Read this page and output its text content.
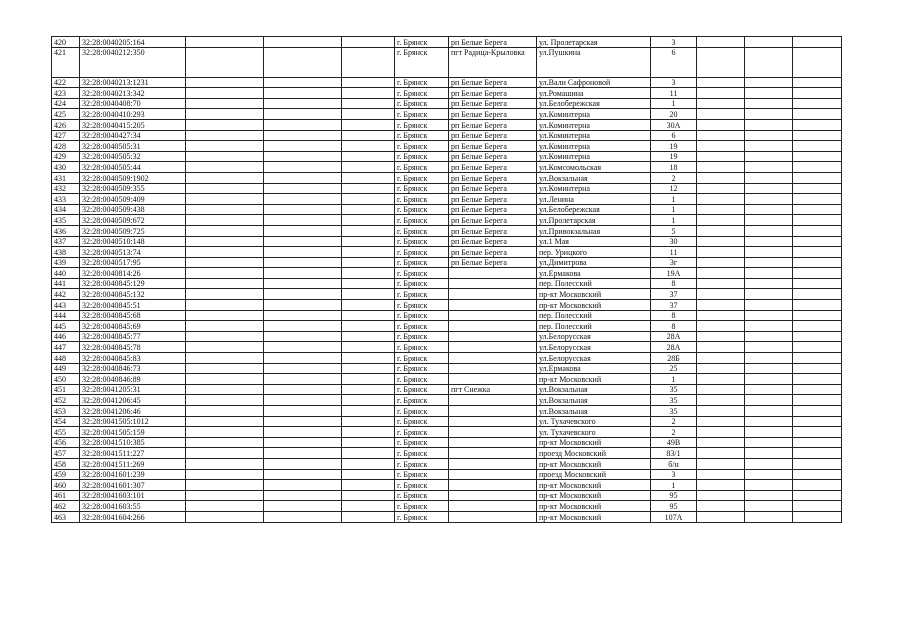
420	32:28:0040205:164				г. Брянск	рп Белые Берега	ул. Пролетарская	3			
421	32:28:0040212:350				г. Брянск	пгт Радица-Крыловка	ул.Пушкина	6			
422	32:28:0040213:1231				г. Брянск	рп Белые Берега	ул.Вали Сафроновой	3			
423	32:28:0040213:342				г. Брянск	рп Белые Берега	ул.Ромашина	11			
424	32:28:0040408:70				г. Брянск	рп Белые Берега	ул.Белобережская	1			
425	32:28:0040410:293				г. Брянск	рп Белые Берега	ул.Коминтерна	20			
426	32:28:0040415:205				г. Брянск	рп Белые Берега	ул.Коминтерна	30А			
427	32:28:0040427:34				г. Брянск	рп Белые Берега	ул.Коминтерна	6			
428	32:28:0040505:31				г. Брянск	рп Белые Берега	ул.Коминтерна	19			
429	32:28:0040505:32				г. Брянск	рп Белые Берега	ул.Коминтерна	19			
430	32:28:0040505:44				г. Брянск	рп Белые Берега	ул.Комсомольская	18			
431	32:28:0040509:1902				г. Брянск	рп Белые Берега	ул.Вокзальная	2			
432	32:28:0040509:355				г. Брянск	рп Белые Берега	ул.Коминтерна	12			
433	32:28:0040509:409				г. Брянск	рп Белые Берега	ул.Ленина	1			
434	32:28:0040509:438				г. Брянск	рп Белые Берега	ул.Белобережская	1			
435	32:28:0040509:672				г. Брянск	рп Белые Берега	ул.Пролетарская	1			
436	32:28:0040509:725				г. Брянск	рп Белые Берега	ул.Привокзальная	5			
437	32:28:0040510:148				г. Брянск	рп Белые Берега	ул.1 Мая	30			
438	32:28:0040513:74				г. Брянск	рп Белые Берега	пер. Урицкого	11			
439	32:28:0040517:95				г. Брянск	рп Белые Берега	ул.Димитрова	3г			
440	32:28:0040814:26				г. Брянск		ул.Ермакова	19А			
441	32:28:0040845:129				г. Брянск		пер. Полесский	8			
442	32:28:0040845:132				г. Брянск		пр-кт Московский	37			
443	32:28:0040845:51				г. Брянск		пр-кт Московский	37			
444	32:28:0040845:68				г. Брянск		пер. Полесский	8			
445	32:28:0040845:69				г. Брянск		пер. Полесский	8			
446	32:28:0040845:77				г. Брянск		ул.Белорусская	28А			
447	32:28:0040845:78				г. Брянск		ул.Белорусская	28А			
448	32:28:0040845:83				г. Брянск		ул.Белорусская	28Б			
449	32:28:0040846:73				г. Брянск		ул.Ермакова	25			
450	32:28:0040846:89				г. Брянск		пр-кт Московский	1			
451	32:28:0041205:31				г. Брянск	пгт Снежка	ул.Вокзальная	35			
452	32:28:0041206:45				г. Брянск		ул.Вокзальная	35			
453	32:28:0041206:46				г. Брянск		ул.Вокзальная	35			
454	32:28:0041505:1012				г. Брянск		ул. Тухачевского	2			
455	32:28:0041505:159				г. Брянск		ул. Тухачевского	2			
456	32:28:0041510:385				г. Брянск		пр-кт Московский	49В			
457	32:28:0041511:227				г. Брянск		проезд Московский	83/1			
458	32:28:0041511:269				г. Брянск		пр-кт Московский	б/н			
459	32:28:0041601:239				г. Брянск		проезд Московский	3			
460	32:28:0041601:307				г. Брянск		пр-кт Московский	1			
461	32:28:0041603:101				г. Брянск		пр-кт Московский	95			
462	32:28:0041603:55				г. Брянск		пр-кт Московский	95			
463	32:28:0041604:266				г. Брянск		пр-кт Московский	107А			
